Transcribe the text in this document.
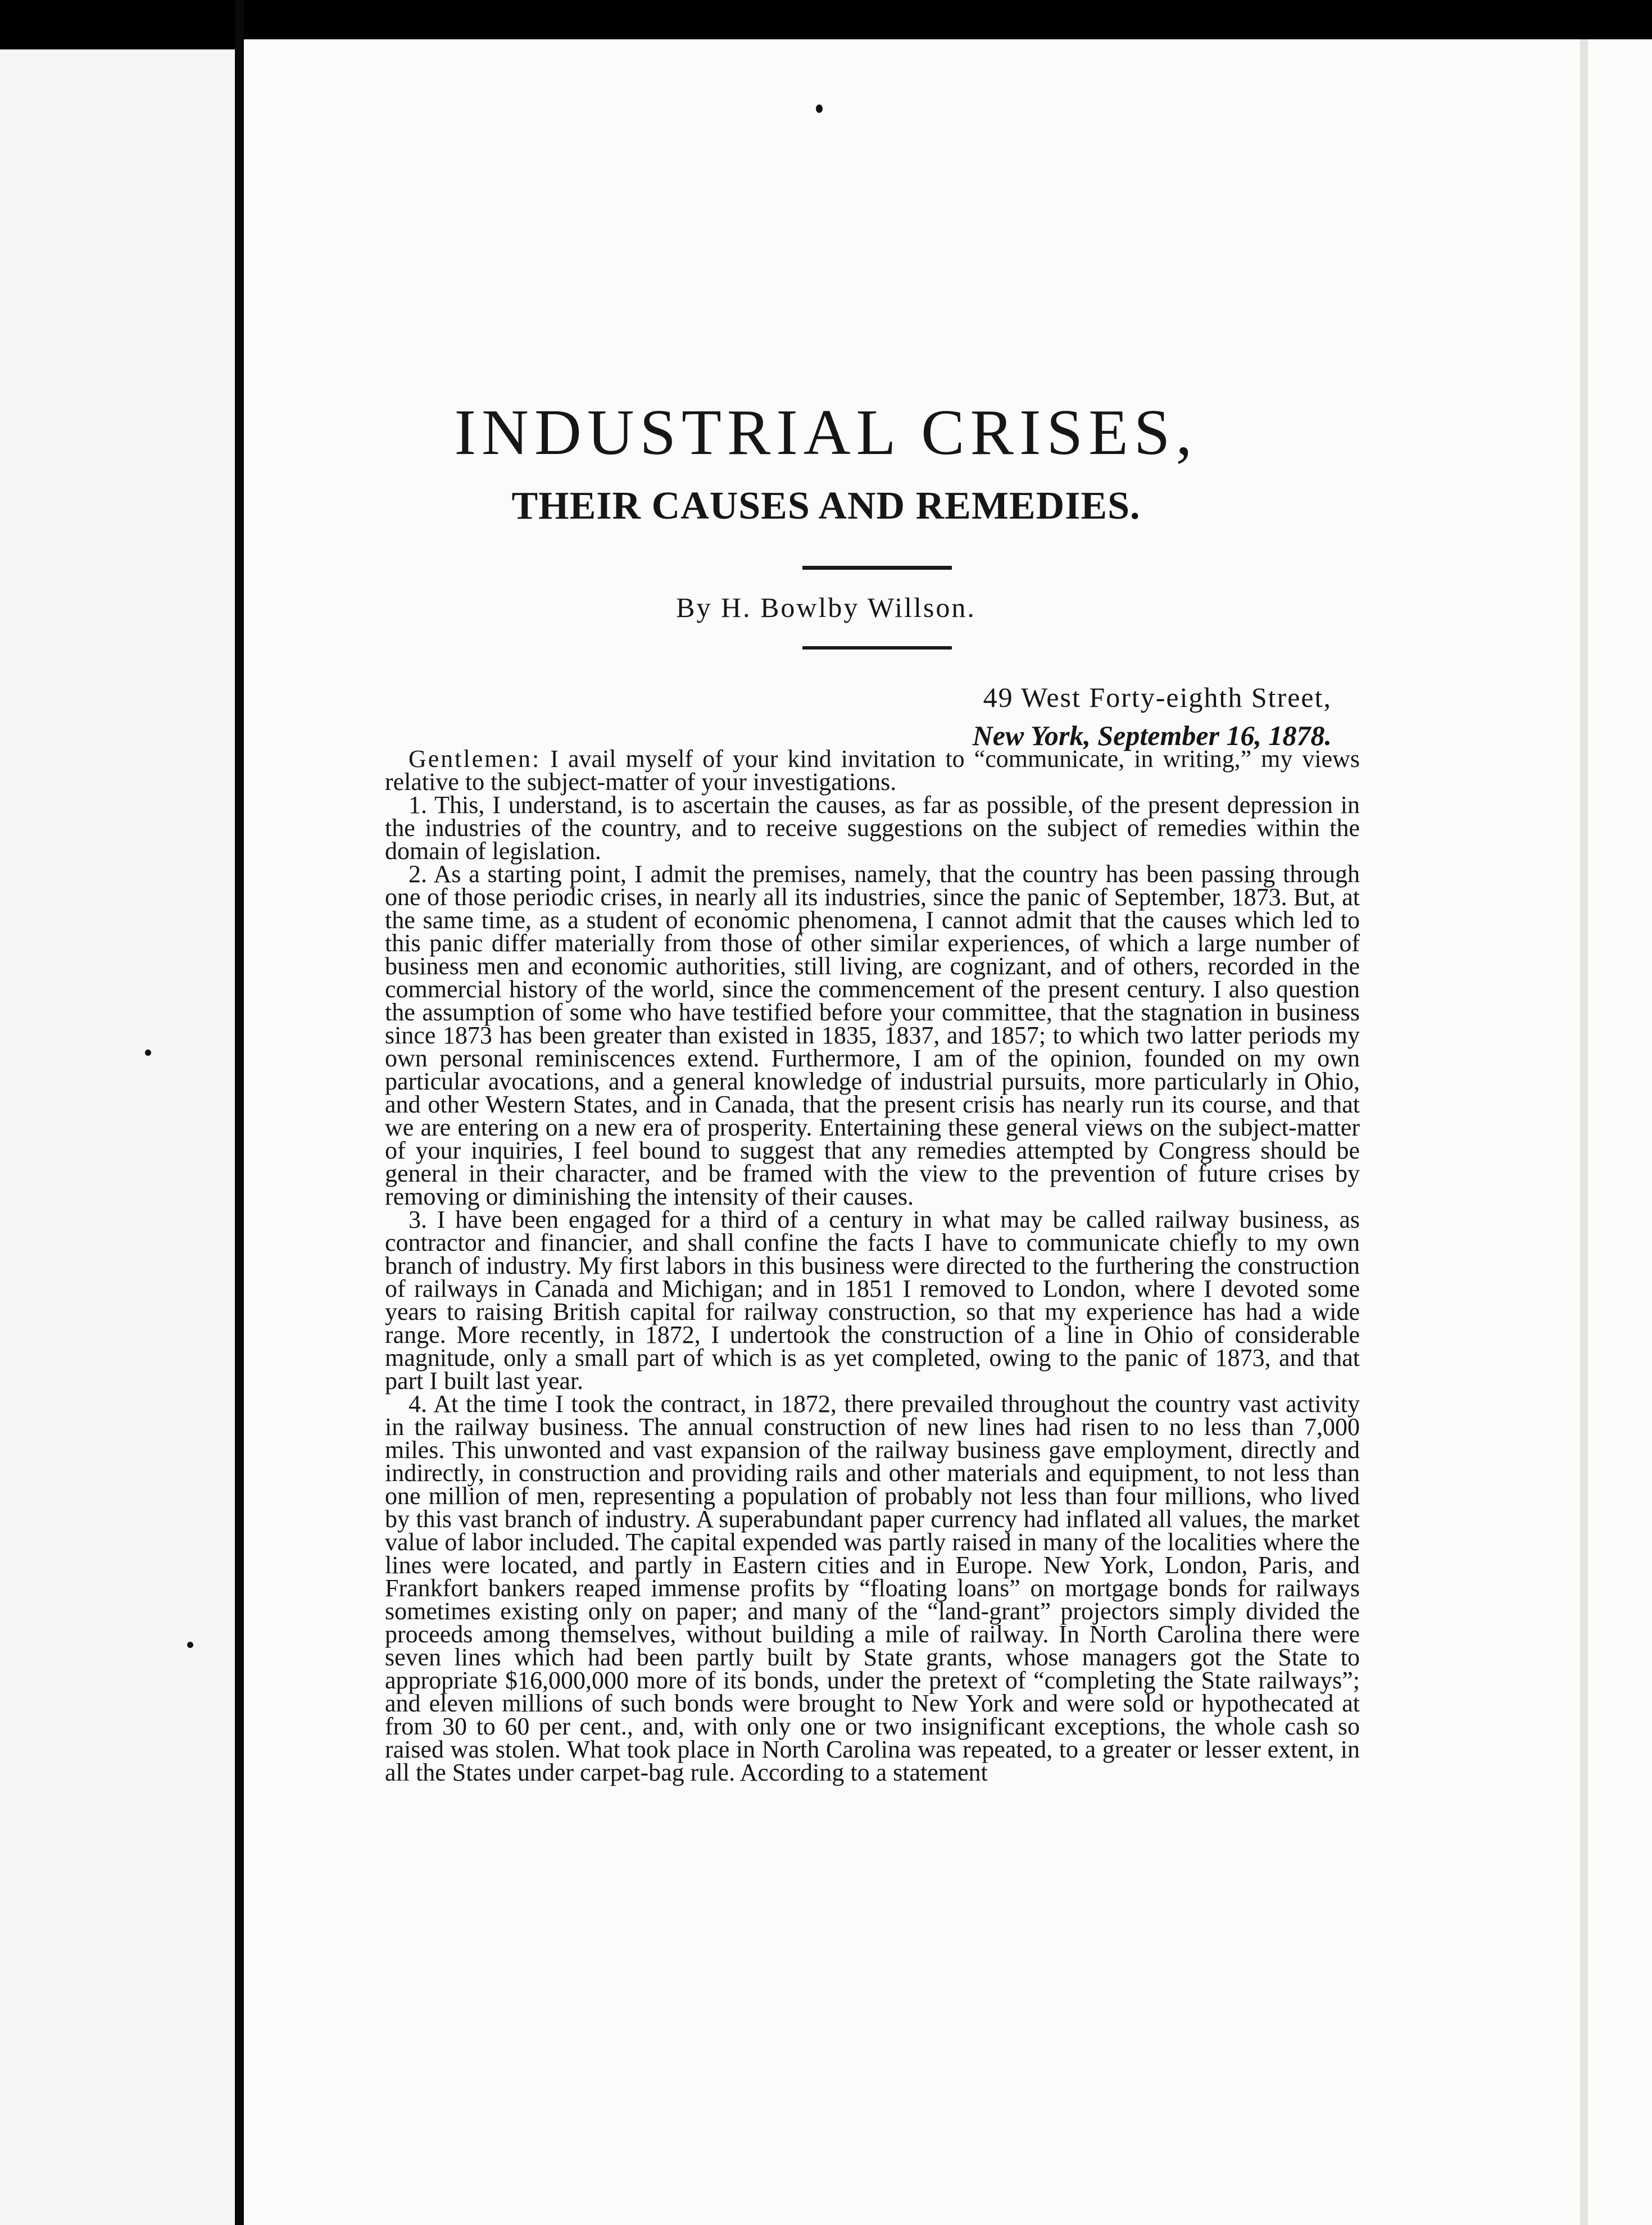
INDUSTRIAL CRISES,
THEIR CAUSES AND REMEDIES.
By H. Bowlby Willson.
49 West Forty-eighth Street,
New York, September 16, 1878.

Gentlemen: I avail myself of your kind invitation to “communicate, in writing,” my views relative to the subject-matter of your investigations.

1. This, I understand, is to ascertain the causes, as far as possible, of the present depression in the industries of the country, and to receive suggestions on the subject of remedies within the domain of legislation.

2. As a starting point, I admit the premises, namely, that the country has been passing through one of those periodic crises, in nearly all its industries, since the panic of September, 1873. But, at the same time, as a student of economic phenomena, I cannot admit that the causes which led to this panic differ materially from those of other similar experiences, of which a large number of business men and economic authorities, still living, are cognizant, and of others, recorded in the commercial history of the world, since the commencement of the present century. I also question the assumption of some who have testified before your committee, that the stagnation in business since 1873 has been greater than existed in 1835, 1837, and 1857; to which two latter periods my own personal reminiscences extend. Furthermore, I am of the opinion, founded on my own particular avocations, and a general knowledge of industrial pursuits, more particularly in Ohio, and other Western States, and in Canada, that the present crisis has nearly run its course, and that we are entering on a new era of prosperity. Entertaining these general views on the subject-matter of your inquiries, I feel bound to suggest that any remedies attempted by Congress should be general in their character, and be framed with the view to the prevention of future crises by removing or diminishing the intensity of their causes.

3. I have been engaged for a third of a century in what may be called railway business, as contractor and financier, and shall confine the facts I have to communicate chiefly to my own branch of industry. My first labors in this business were directed to the furthering the construction of railways in Canada and Michigan; and in 1851 I removed to London, where I devoted some years to raising British capital for railway construction, so that my experience has had a wide range. More recently, in 1872, I undertook the construction of a line in Ohio of considerable magnitude, only a small part of which is as yet completed, owing to the panic of 1873, and that part I built last year.

4. At the time I took the contract, in 1872, there prevailed throughout the country vast activity in the railway business. The annual construction of new lines had risen to no less than 7,000 miles. This unwonted and vast expansion of the railway business gave employment, directly and indirectly, in construction and providing rails and other materials and equipment, to not less than one million of men, representing a population of probably not less than four millions, who lived by this vast branch of industry. A superabundant paper currency had inflated all values, the market value of labor included. The capital expended was partly raised in many of the localities where the lines were located, and partly in Eastern cities and in Europe. New York, London, Paris, and Frankfort bankers reaped immense profits by “floating loans” on mortgage bonds for railways sometimes existing only on paper; and many of the “land-grant” projectors simply divided the proceeds among themselves, without building a mile of railway. In North Carolina there were seven lines which had been partly built by State grants, whose managers got the State to appropriate $16,000,000 more of its bonds, under the pretext of “completing the State railways”; and eleven millions of such bonds were brought to New York and were sold or hypothecated at from 30 to 60 per cent., and, with only one or two insignificant exceptions, the whole cash so raised was stolen. What took place in North Carolina was repeated, to a greater or lesser extent, in all the States under carpet-bag rule. According to a statement
